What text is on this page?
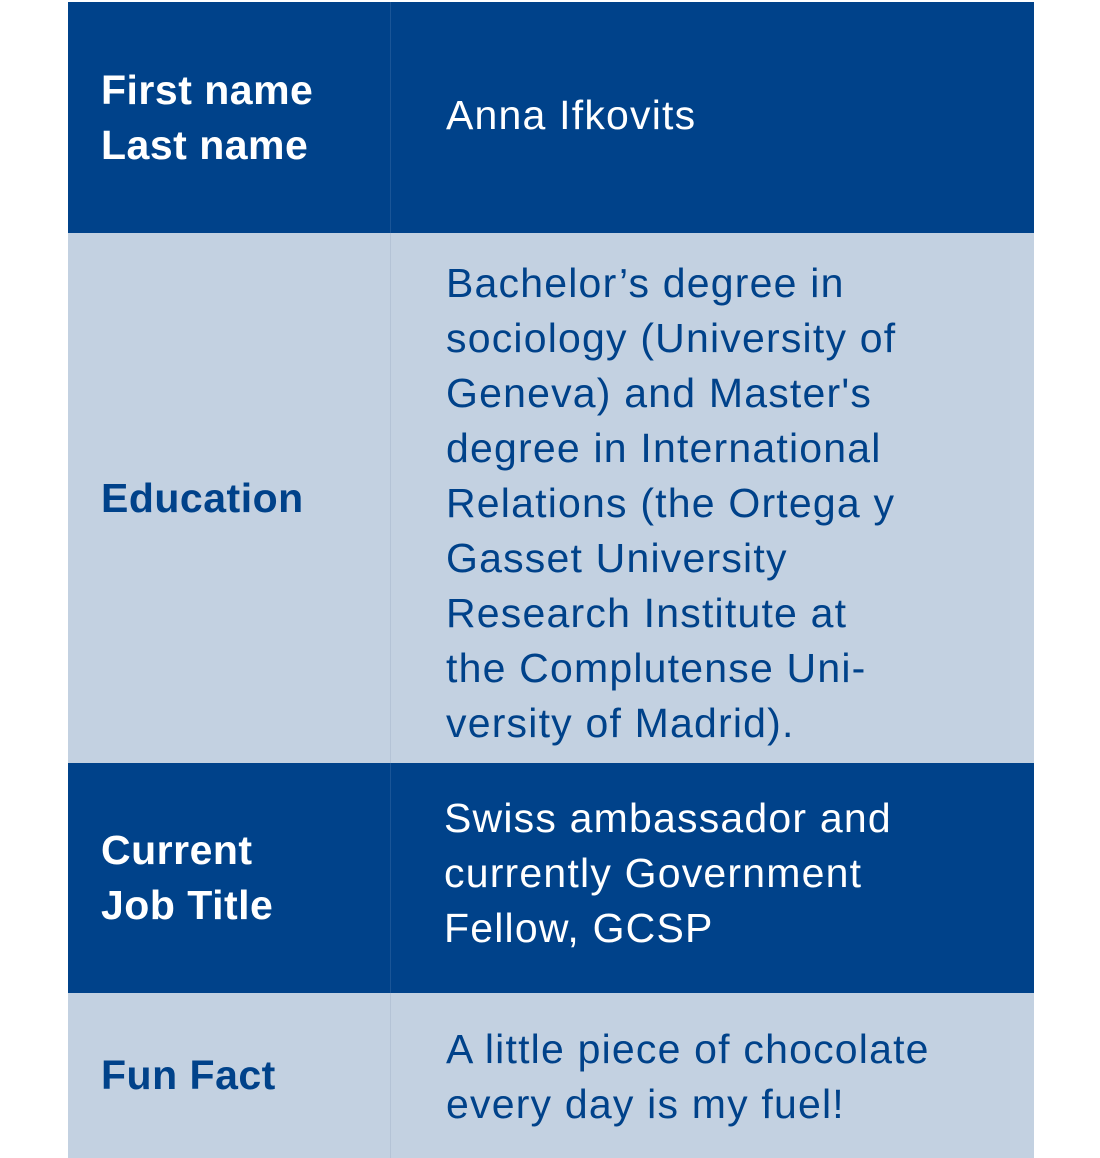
First name
Last name
Anna Ifkovits
Education
Bachelor’s degree in
sociology (University of
Geneva) and Master's
degree in International
Relations (the Ortega y
Gasset University
Research Institute at
the Complutense Uni-
versity of Madrid).
Current
Job Title
Swiss ambassador and
currently Government
Fellow, GCSP
Fun Fact
A little piece of chocolate
every day is my fuel!
